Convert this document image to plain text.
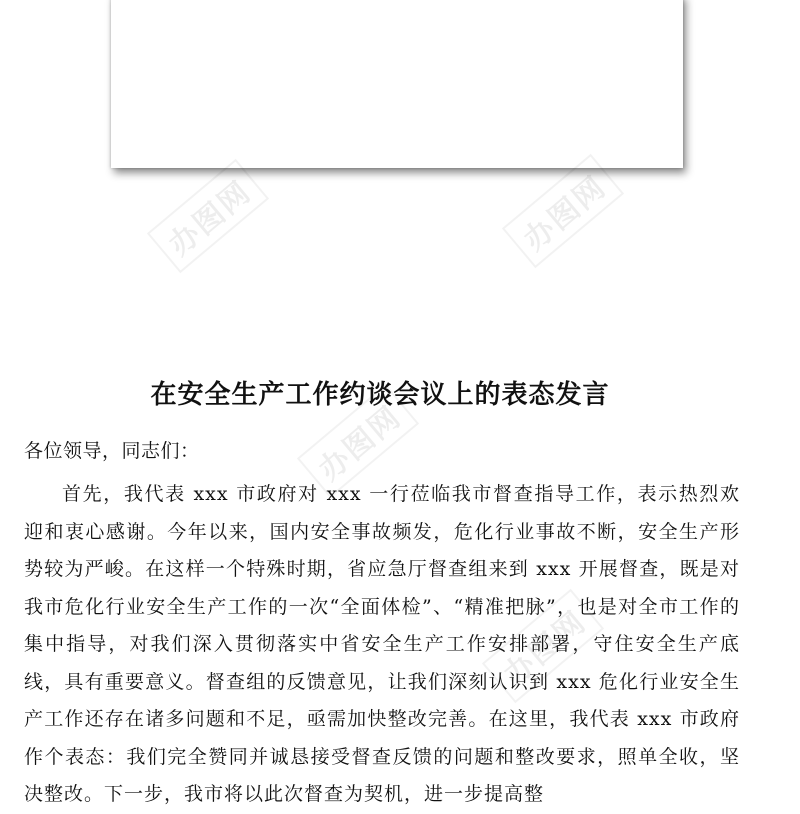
办图网	办图网
办图网
办图网
在安全生产工作约谈会议上的表态发言

各位领导，同志们：

首先，我代表 xxx 市政府对 xxx 一行莅临我市督查指导工作，表示热烈欢迎和衷心感谢。今年以来，国内安全事故频发，危化行业事故不断，安全生产形势较为严峻。在这样一个特殊时期，省应急厅督查组来到 xxx 开展督查，既是对我市危化行业安全生产工作的一次“全面体检”、“精准把脉”，也是对全市工作的集中指导，对我们深入贯彻落实中省安全生产工作安排部署，守住安全生产底线，具有重要意义。督查组的反馈意见，让我们深刻认识到 xxx 危化行业安全生产工作还存在诸多问题和不足，亟需加快整改完善。在这里，我代表 xxx 市政府作个表态：我们完全赞同并诚恳接受督查反馈的问题和整改要求，照单全收，坚决整改。下一步，我市将以此次督查为契机，进一步提高整
